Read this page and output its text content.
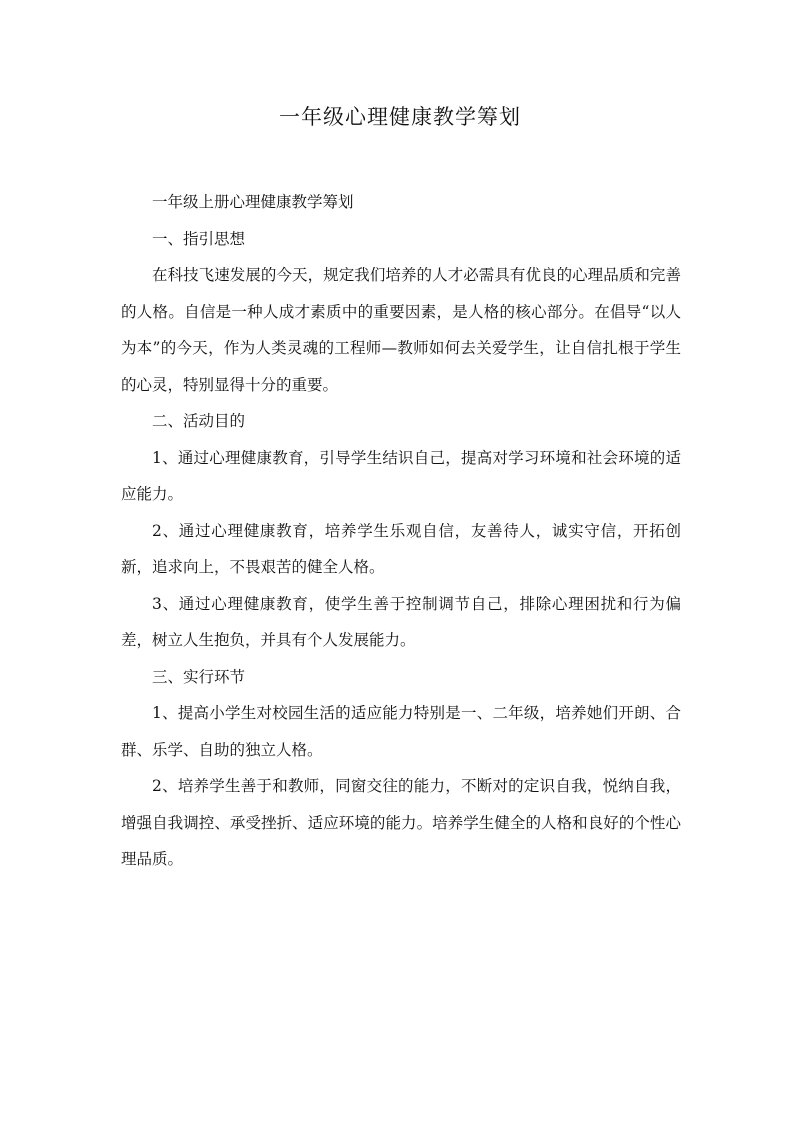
一年级心理健康教学筹划

一年级上册心理健康教学筹划

一、指引思想

在科技飞速发展的今天，规定我们培养的人才必需具有优良的心理品质和完善的人格。自信是一种人成才素质中的重要因素，是人格的核心部分。在倡导“以人为本”的今天，作为人类灵魂的工程师—教师如何去关爱学生，让自信扎根于学生的心灵，特别显得十分的重要。

二、活动目的

1、通过心理健康教育，引导学生结识自己，提高对学习环境和社会环境的适应能力。

2、通过心理健康教育，培养学生乐观自信，友善待人，诚实守信，开拓创新，追求向上，不畏艰苦的健全人格。

3、通过心理健康教育，使学生善于控制调节自己，排除心理困扰和行为偏差，树立人生抱负，并具有个人发展能力。

三、实行环节

1、提高小学生对校园生活的适应能力特别是一、二年级，培养她们开朗、合群、乐学、自助的独立人格。

2、培养学生善于和教师，同窗交往的能力，不断对的定识自我，悦纳自我，增强自我调控、承受挫折、适应环境的能力。培养学生健全的人格和良好的个性心理品质。
